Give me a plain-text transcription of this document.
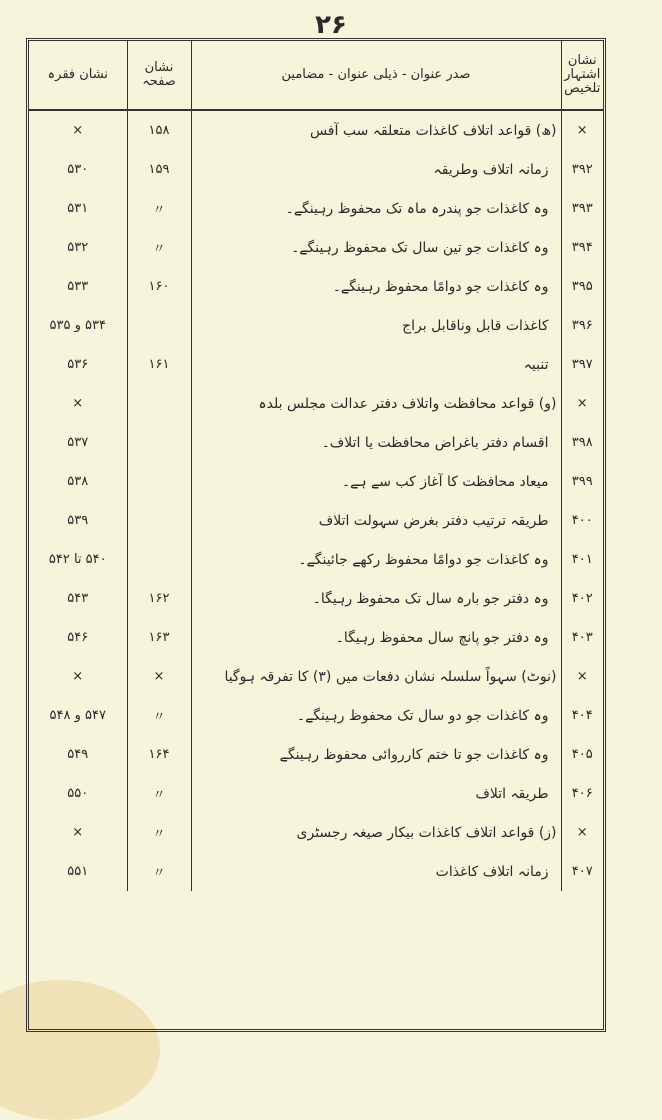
۲۶
نشان اشتہار تلخیص	صدر عنوان - ذیلی عنوان - مضامین	نشان صفحہ	نشان فقرہ
×	(ھ) قواعد اتلاف کاغذات متعلقہ سب آفس	۱۵۸	×
۳۹۲	زمانہ اتلاف وطریقہ	۱۵۹	۵۳۰
۳۹۳	وہ کاغذات جو پندرہ ماہ تک محفوظ رہینگے۔	〃	۵۳۱
۳۹۴	وہ کاغذات جو تین سال تک محفوظ رہینگے۔	〃	۵۳۲
۳۹۵	وہ کاغذات جو دوامًا محفوظ رہینگے۔	۱۶۰	۵۳۳
۳۹۶	کاغذات قابل وناقابل براج		۵۳۴ و ۵۳۵
۳۹۷	تنبیہ	۱۶۱	۵۳۶
×	(و) قواعد محافظت واتلاف دفتر عدالت مجلس بلدہ		×
۳۹۸	اقسام دفتر باغراض محافظت یا اتلاف۔		۵۳۷
۳۹۹	میعاد محافظت کا آغاز کب سے ہے۔		۵۳۸
۴۰۰	طریقہ ترتیب دفتر بغرض سہولت اتلاف		۵۳۹
۴۰۱	وہ کاغذات جو دوامًا محفوظ رکھے جائینگے۔		۵۴۰ تا ۵۴۲
۴۰۲	وہ دفتر جو بارہ سال تک محفوظ رہیگا۔	۱۶۲	۵۴۳
۴۰۳	وہ دفتر جو پانچ سال محفوظ رہیگا۔	۱۶۳	۵۴۶
×	(نوٹ) سہواً سلسلہ نشان دفعات میں (۳) کا تفرقہ ہوگیا	×	×
۴۰۴	وہ کاغذات جو دو سال تک محفوظ رہینگے۔	〃	۵۴۷ و ۵۴۸
۴۰۵	وہ کاغذات جو تا ختم کارروائی محفوظ رہینگے	۱۶۴	۵۴۹
۴۰۶	طریقہ اتلاف	〃	۵۵۰
×	(ز) قواعد اتلاف کاغذات بیکار صیغہ رجسٹری	〃	×
۴۰۷	زمانہ اتلاف کاغذات	〃	۵۵۱
